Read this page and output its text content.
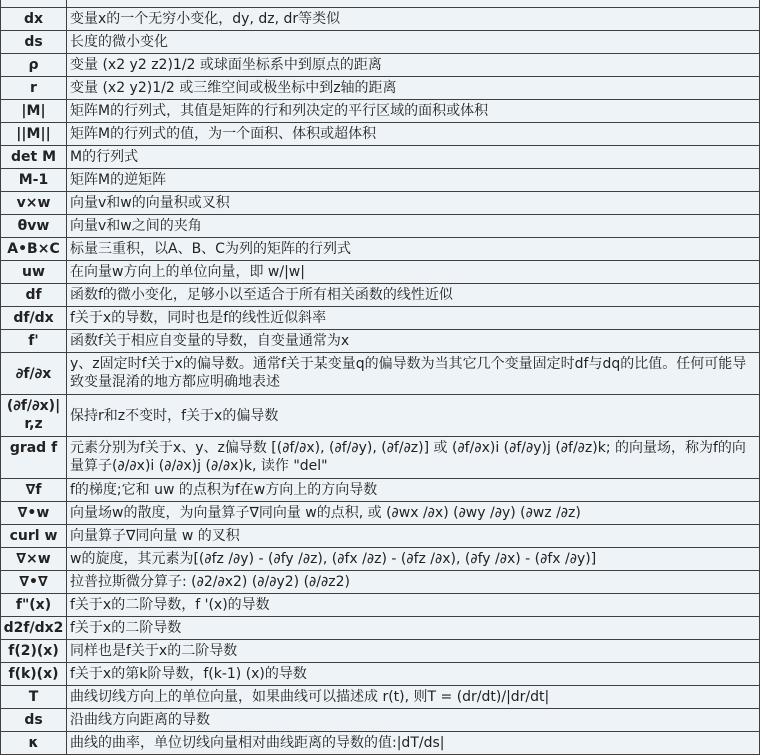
dx	变量x的一个无穷小变化，dy, dz, dr等类似
ds	长度的微小变化
ρ	变量 (x2 y2 z2)1/2 或球面坐标系中到原点的距离
r	变量 (x2 y2)1/2 或三维空间或极坐标中到z轴的距离
|M|	矩阵M的行列式，其值是矩阵的行和列决定的平行区域的面积或体积
||M||	矩阵M的行列式的值，为一个面积、体积或超体积
det M	M的行列式
M-1	矩阵M的逆矩阵
v×w	向量v和w的向量积或叉积
θvw	向量v和w之间的夹角
A•B×C	标量三重积，以A、B、C为列的矩阵的行列式
uw	在向量w方向上的单位向量，即 w/|w|
df	函数f的微小变化，足够小以至适合于所有相关函数的线性近似
df/dx	f关于x的导数，同时也是f的线性近似斜率
f'	函数f关于相应自变量的导数，自变量通常为x
∂f/∂x	y、z固定时f关于x的偏导数。通常f关于某变量q的偏导数为当其它几个变量固定时df与dq的比值。任何可能导致变量混淆的地方都应明确地表述
(∂f/∂x)|r,z	保持r和z不变时，f关于x的偏导数
grad f	元素分别为f关于x、y、z偏导数 [(∂f/∂x), (∂f/∂y), (∂f/∂z)] 或 (∂f/∂x)i (∂f/∂y)j (∂f/∂z)k; 的向量场，称为f的向量算子(∂/∂x)i (∂/∂x)j (∂/∂x)k, 读作 "del"
∇f	f的梯度;它和 uw 的点积为f在w方向上的方向导数
∇•w	向量场w的散度，为向量算子∇同向量 w的点积, 或 (∂wx /∂x) (∂wy /∂y) (∂wz /∂z)
curl w	向量算子∇同向量 w 的叉积
∇×w	w的旋度，其元素为[(∂fz /∂y) - (∂fy /∂z), (∂fx /∂z) - (∂fz /∂x), (∂fy /∂x) - (∂fx /∂y)]
∇•∇	拉普拉斯微分算子: (∂2/∂x2) (∂/∂y2) (∂/∂z2)
f"(x)	f关于x的二阶导数，f '(x)的导数
d2f/dx2	f关于x的二阶导数
f(2)(x)	同样也是f关于x的二阶导数
f(k)(x)	f关于x的第k阶导数，f(k-1) (x)的导数
T	曲线切线方向上的单位向量，如果曲线可以描述成 r(t), 则T = (dr/dt)/|dr/dt|
ds	沿曲线方向距离的导数
κ	曲线的曲率，单位切线向量相对曲线距离的导数的值:|dT/ds|
